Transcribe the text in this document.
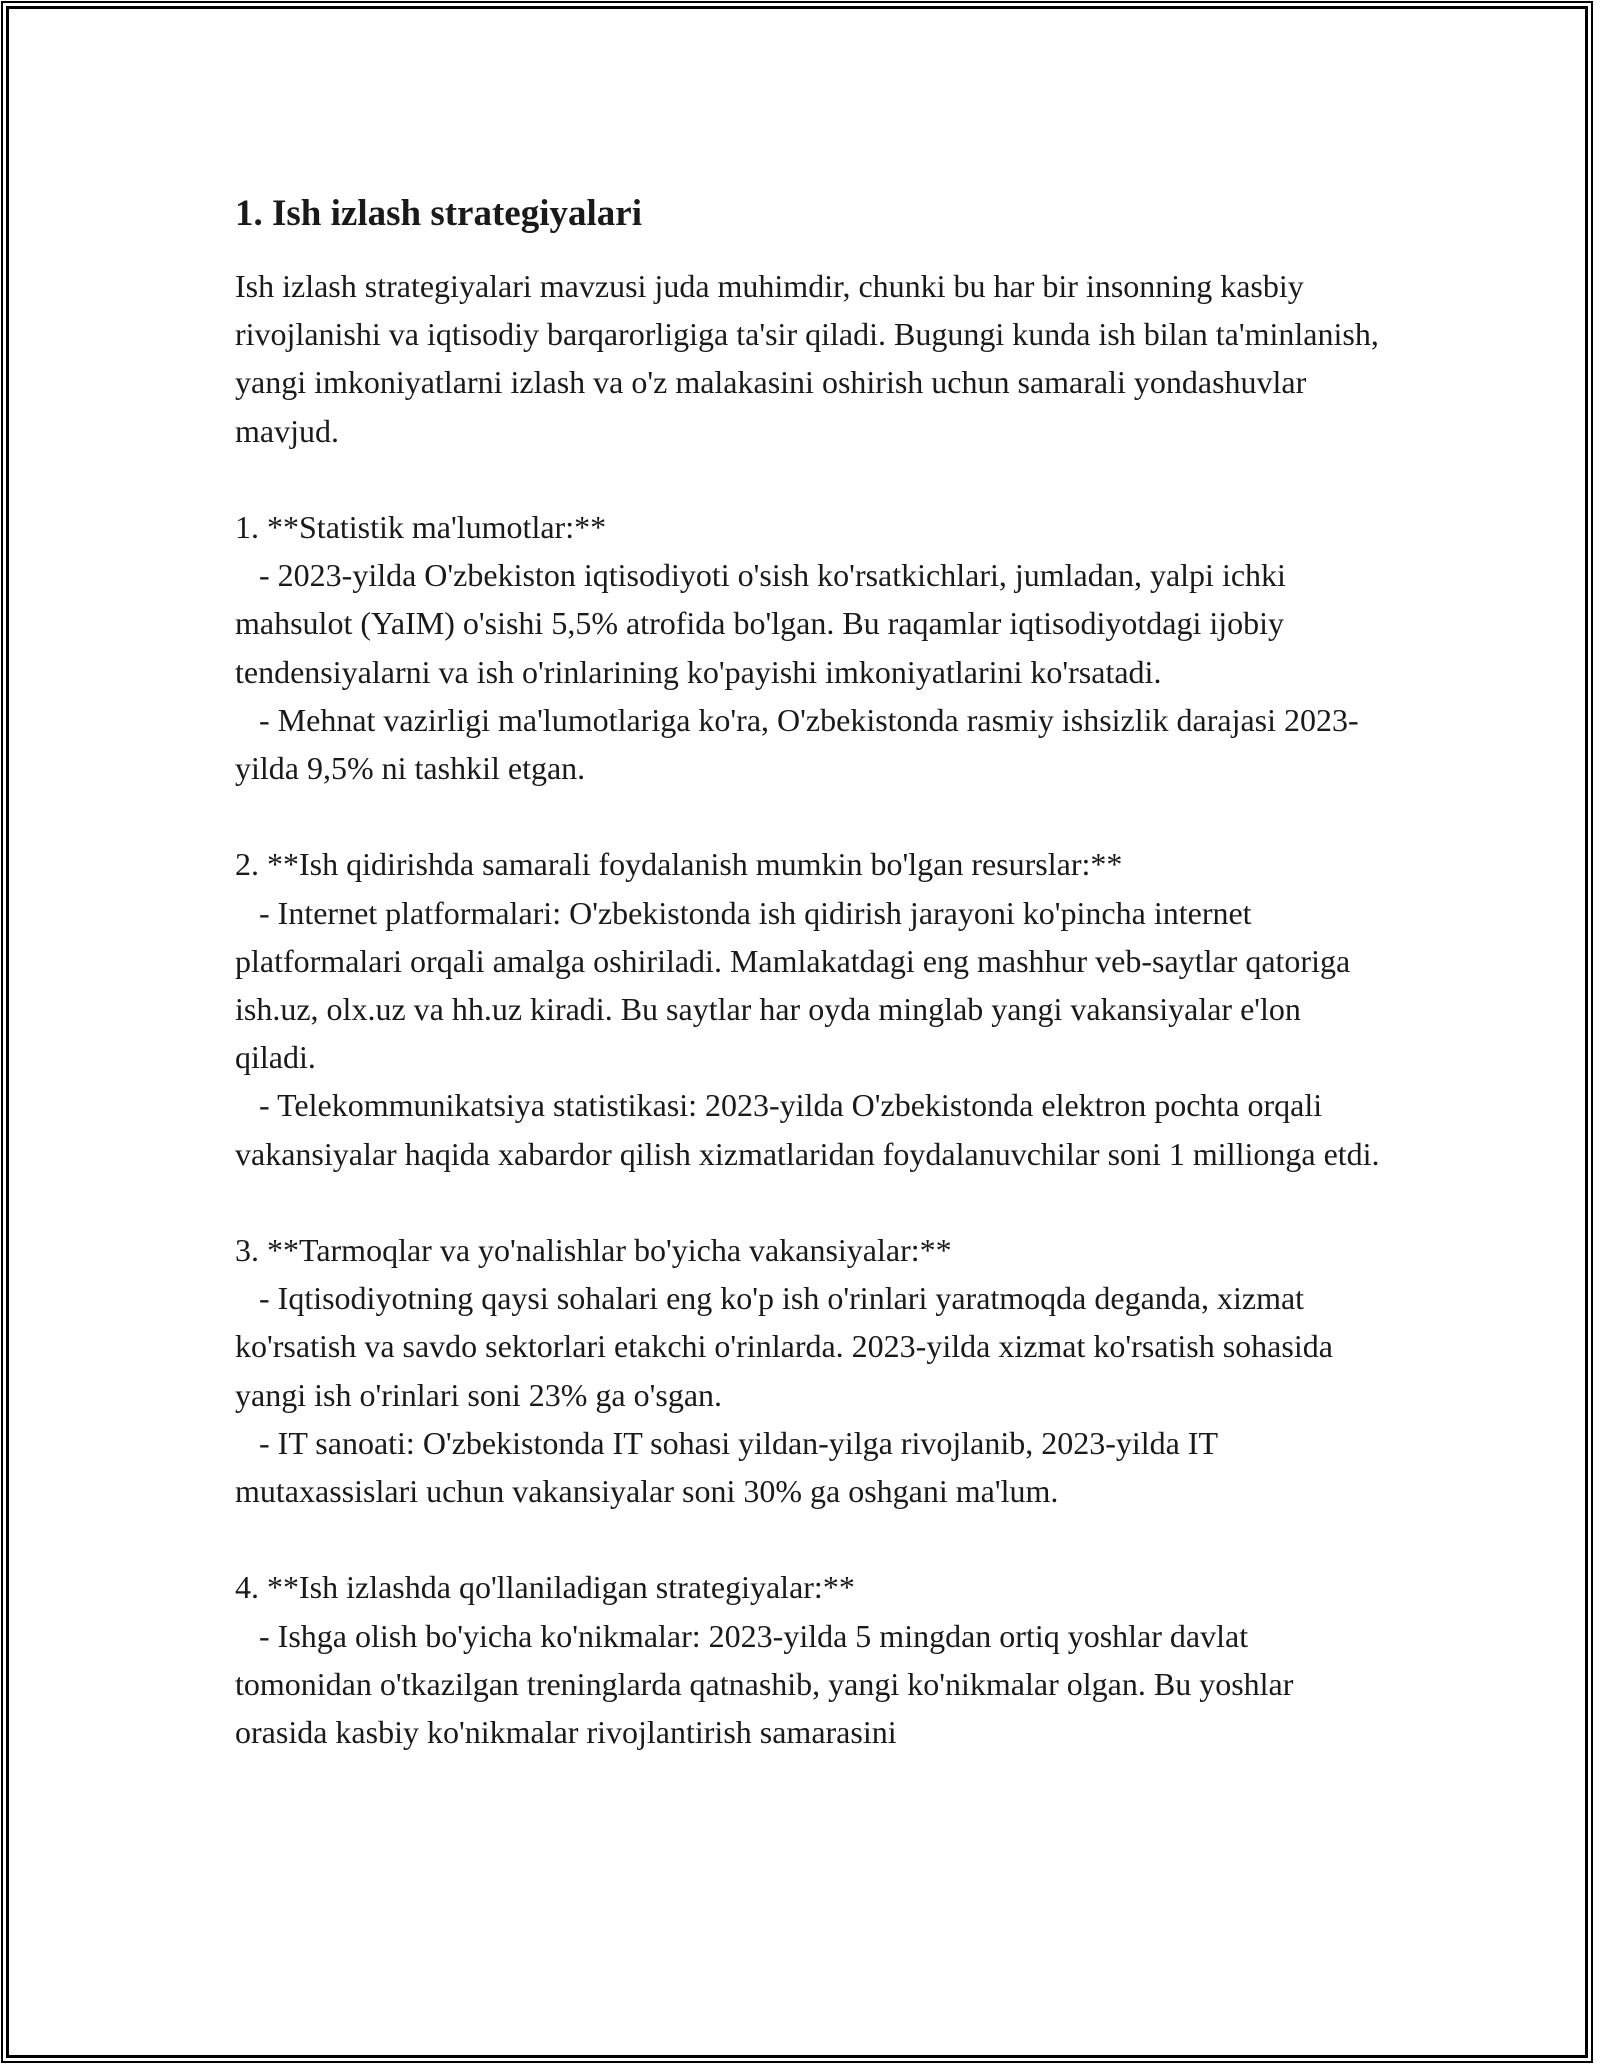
1. Ish izlash strategiyalari

Ish izlash strategiyalari mavzusi juda muhimdir, chunki bu har bir insonning kasbiy rivojlanishi va iqtisodiy barqarorligiga ta'sir qiladi. Bugungi kunda ish bilan ta'minlanish, yangi imkoniyatlarni izlash va o'z malakasini oshirish uchun samarali yondashuvlar mavjud.

1. **Statistik ma'lumotlar:**

- 2023-yilda O'zbekiston iqtisodiyoti o'sish ko'rsatkichlari, jumladan, yalpi ichki mahsulot (YaIM) o'sishi 5,5% atrofida bo'lgan. Bu raqamlar iqtisodiyotdagi ijobiy tendensiyalarni va ish o'rinlarining ko'payishi imkoniyatlarini ko'rsatadi.

- Mehnat vazirligi ma'lumotlariga ko'ra, O'zbekistonda rasmiy ishsizlik darajasi 2023-yilda 9,5% ni tashkil etgan.

2. **Ish qidirishda samarali foydalanish mumkin bo'lgan resurslar:**

- Internet platformalari: O'zbekistonda ish qidirish jarayoni ko'pincha internet platformalari orqali amalga oshiriladi. Mamlakatdagi eng mashhur veb-saytlar qatoriga ish.uz, olx.uz va hh.uz kiradi. Bu saytlar har oyda minglab yangi vakansiyalar e'lon qiladi.

- Telekommunikatsiya statistikasi: 2023-yilda O'zbekistonda elektron pochta orqali vakansiyalar haqida xabardor qilish xizmatlaridan foydalanuvchilar soni 1 millionga etdi.

3. **Tarmoqlar va yo'nalishlar bo'yicha vakansiyalar:**

- Iqtisodiyotning qaysi sohalari eng ko'p ish o'rinlari yaratmoqda deganda, xizmat ko'rsatish va savdo sektorlari etakchi o'rinlarda. 2023-yilda xizmat ko'rsatish sohasida yangi ish o'rinlari soni 23% ga o'sgan.

- IT sanoati: O'zbekistonda IT sohasi yildan-yilga rivojlanib, 2023-yilda IT mutaxassislari uchun vakansiyalar soni 30% ga oshgani ma'lum.

4. **Ish izlashda qo'llaniladigan strategiyalar:**

- Ishga olish bo'yicha ko'nikmalar: 2023-yilda 5 mingdan ortiq yoshlar davlat tomonidan o'tkazilgan treninglarda qatnashib, yangi ko'nikmalar olgan. Bu yoshlar orasida kasbiy ko'nikmalar rivojlantirish samarasini
